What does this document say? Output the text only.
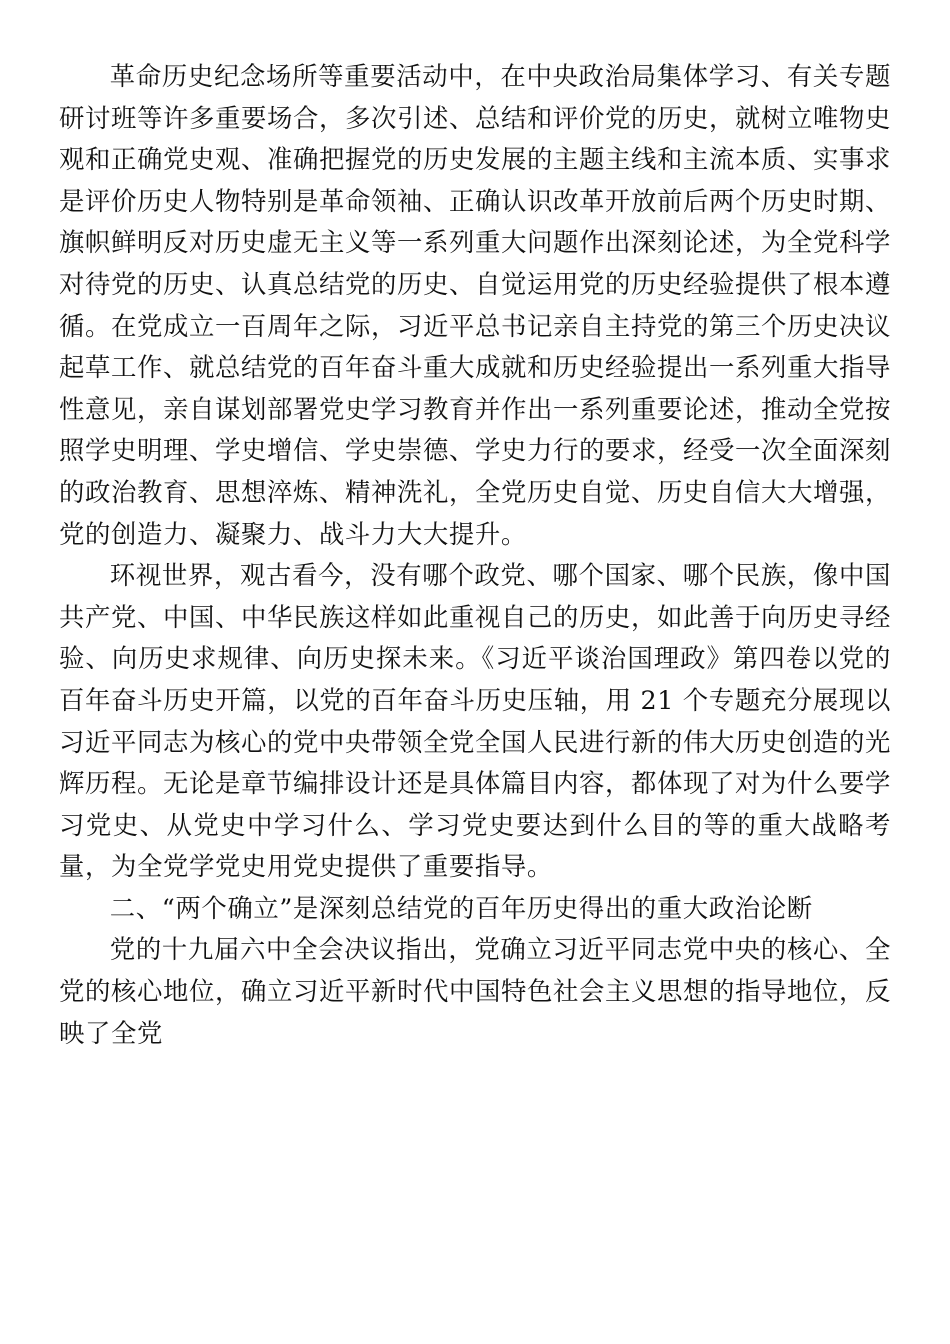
革命历史纪念场所等重要活动中，在中央政治局集体学习、有关专题研讨班等许多重要场合，多次引述、总结和评价党的历史，就树立唯物史观和正确党史观、准确把握党的历史发展的主题主线和主流本质、实事求是评价历史人物特别是革命领袖、正确认识改革开放前后两个历史时期、旗帜鲜明反对历史虚无主义等一系列重大问题作出深刻论述，为全党科学对待党的历史、认真总结党的历史、自觉运用党的历史经验提供了根本遵循。在党成立一百周年之际，习近平总书记亲自主持党的第三个历史决议起草工作、就总结党的百年奋斗重大成就和历史经验提出一系列重大指导性意见，亲自谋划部署党史学习教育并作出一系列重要论述，推动全党按照学史明理、学史增信、学史崇德、学史力行的要求，经受一次全面深刻的政治教育、思想淬炼、精神洗礼，全党历史自觉、历史自信大大增强，党的创造力、凝聚力、战斗力大大提升。

环视世界，观古看今，没有哪个政党、哪个国家、哪个民族，像中国共产党、中国、中华民族这样如此重视自己的历史，如此善于向历史寻经验、向历史求规律、向历史探未来。《习近平谈治国理政》第四卷以党的百年奋斗历史开篇，以党的百年奋斗历史压轴，用 21 个专题充分展现以习近平同志为核心的党中央带领全党全国人民进行新的伟大历史创造的光辉历程。无论是章节编排设计还是具体篇目内容，都体现了对为什么要学习党史、从党史中学习什么、学习党史要达到什么目的等的重大战略考量，为全党学党史用党史提供了重要指导。

二、“两个确立”是深刻总结党的百年历史得出的重大政治论断

党的十九届六中全会决议指出，党确立习近平同志党中央的核心、全党的核心地位，确立习近平新时代中国特色社会主义思想的指导地位，反映了全党
